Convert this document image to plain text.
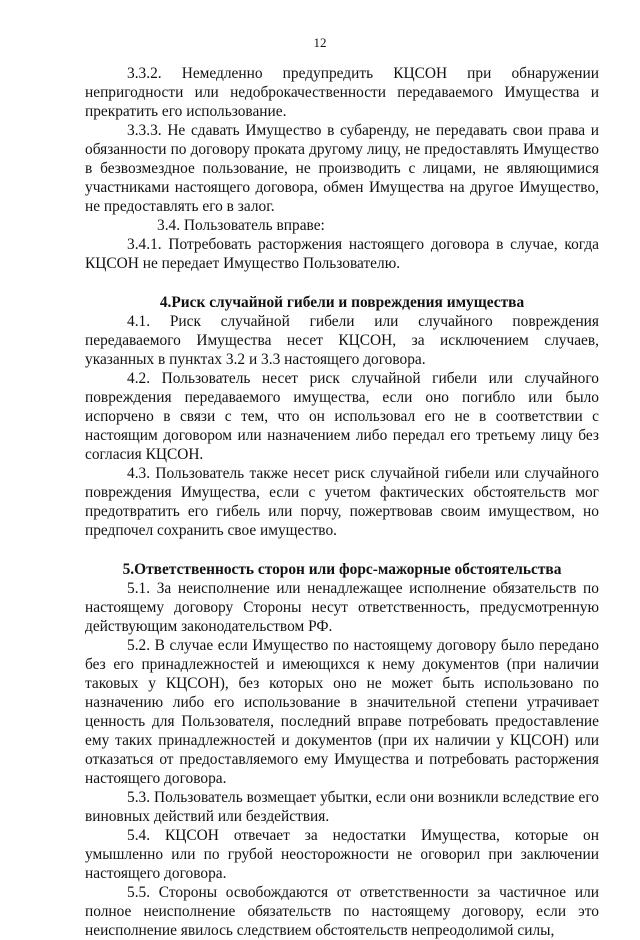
12

3.3.2. Немедленно предупредить КЦСОН при обнаружении непригодности или недоброкачественности передаваемого Имущества и прекратить его использование.

3.3.3. Не сдавать Имущество в субаренду, не передавать свои права и обязанности по договору проката другому лицу, не предоставлять Имущество в безвозмездное пользование, не производить с лицами, не являющимися участниками настоящего договора, обмен Имущества на другое Имущество, не предоставлять его в залог.

3.4. Пользователь вправе:

3.4.1. Потребовать расторжения настоящего договора в случае, когда КЦСОН не передает Имущество Пользователю.

4.Риск случайной гибели и повреждения имущества

4.1. Риск случайной гибели или случайного повреждения передаваемого Имущества несет КЦСОН, за исключением случаев, указанных в пунктах 3.2 и 3.3 настоящего договора.

4.2. Пользователь несет риск случайной гибели или случайного повреждения передаваемого имущества, если оно погибло или было испорчено в связи с тем, что он использовал его не в соответствии с настоящим договором или назначением либо передал его третьему лицу без согласия КЦСОН.

4.3. Пользователь также несет риск случайной гибели или случайного повреждения Имущества, если с учетом фактических обстоятельств мог предотвратить его гибель или порчу, пожертвовав своим имуществом, но предпочел сохранить свое имущество.

5.Ответственность сторон или форс-мажорные обстоятельства

5.1. За неисполнение или ненадлежащее исполнение обязательств по настоящему договору Стороны несут ответственность, предусмотренную действующим законодательством РФ.

5.2. В случае если Имущество по настоящему договору было передано без его принадлежностей и имеющихся к нему документов (при наличии таковых у КЦСОН), без которых оно не может быть использовано по назначению либо его использование в значительной степени утрачивает ценность для Пользователя, последний вправе потребовать предоставление ему таких принадлежностей и документов (при их наличии у КЦСОН) или отказаться от предоставляемого ему Имущества и потребовать расторжения настоящего договора.

5.3. Пользователь возмещает убытки, если они возникли вследствие его виновных действий или бездействия.

5.4. КЦСОН отвечает за недостатки Имущества, которые он умышленно или по грубой неосторожности не оговорил при заключении настоящего договора.

5.5. Стороны освобождаются от ответственности за частичное или полное неисполнение обязательств по настоящему договору, если это неисполнение явилось следствием обстоятельств непреодолимой силы,
